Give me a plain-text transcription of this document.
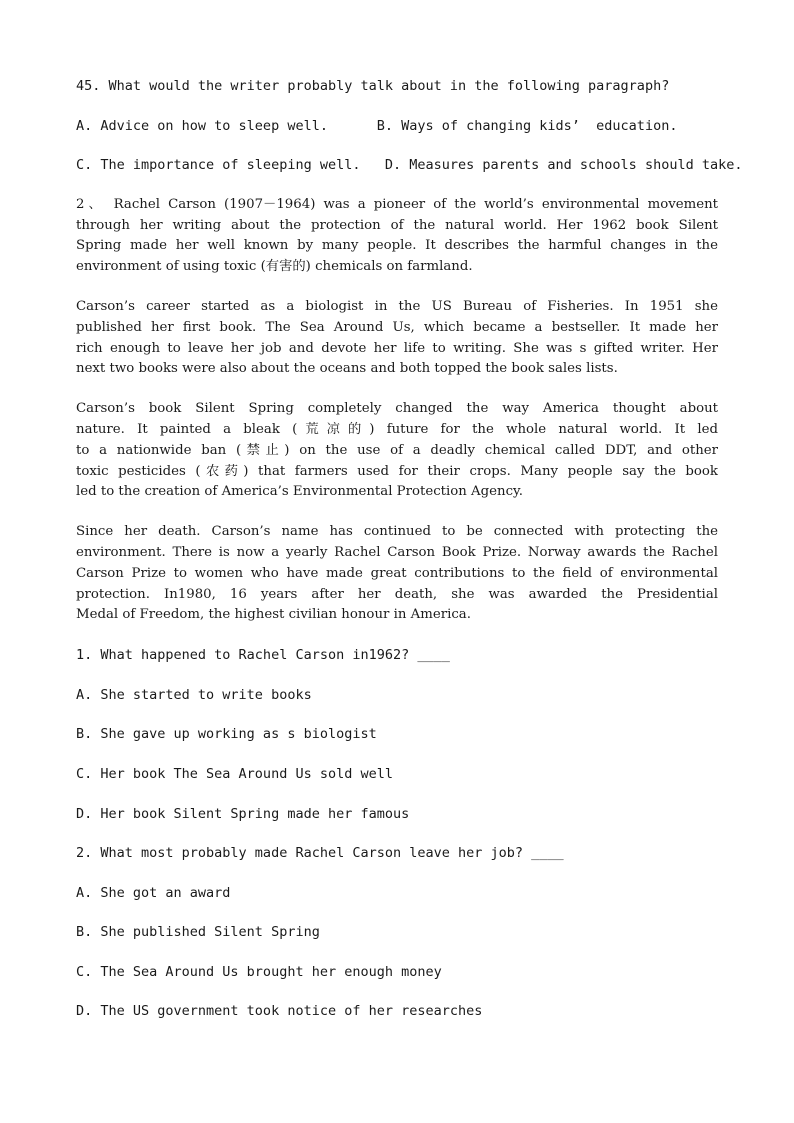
45. What would the writer probably talk about in the following paragraph?

A. Advice on how to sleep well.      B. Ways of changing kids’  education.

C. The importance of sleeping well.   D. Measures parents and schools should take.

2、 Rachel Carson (1907－1964) was a pioneer of the world’s environmental movement

through her writing about the protection of the natural world. Her 1962 book Silent

Spring made her well known by many people. It describes the harmful changes in the

environment of using toxic (有害的) chemicals on farmland.

Carson’s career started as a biologist in the US Bureau of Fisheries. In 1951 she

published her first book. The Sea Around Us, which became a bestseller. It made her

rich enough to leave her job and devote her life to writing. She was s gifted writer. Her

next two books were also about the oceans and both topped the book sales lists.

Carson’s book Silent Spring completely changed the way America thought about

nature. It painted a bleak (荒凉的) future for the whole natural world. It led

to a nationwide ban (禁止) on the use of a deadly chemical called DDT, and other

toxic pesticides (农药) that farmers used for their crops. Many people say the book

led to the creation of America’s Environmental Protection Agency.

Since her death. Carson’s name has continued to be connected with protecting the

environment. There is now a yearly Rachel Carson Book Prize. Norway awards the Rachel

Carson Prize to women who have made great contributions to the field of environmental

protection. In1980, 16 years after her death, she was awarded the Presidential

Medal of Freedom, the highest civilian honour in America.

1. What happened to Rachel Carson in1962? ____

A. She started to write books

B. She gave up working as s biologist

C. Her book The Sea Around Us sold well

D. Her book Silent Spring made her famous

2. What most probably made Rachel Carson leave her job? ____

A. She got an award

B. She published Silent Spring

C. The Sea Around Us brought her enough money

D. The US government took notice of her researches
